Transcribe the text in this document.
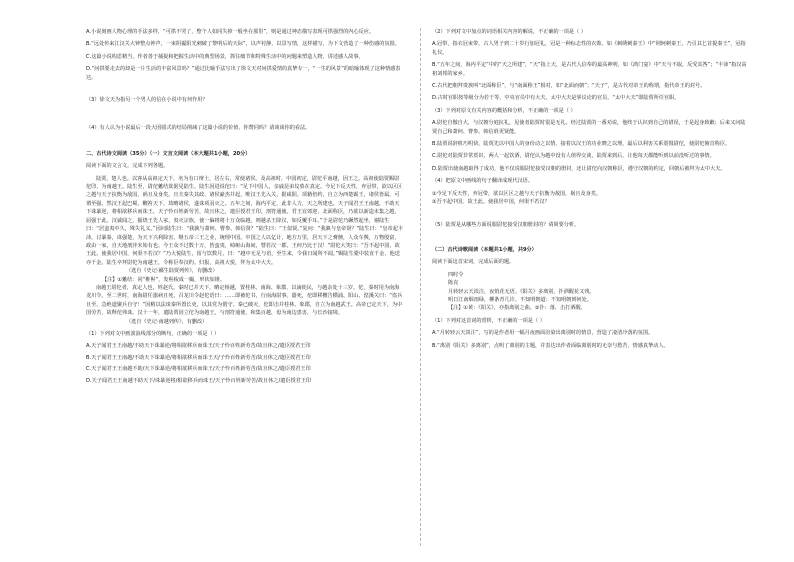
A.小说刻画人物心理的手法多样，“可拱不哭了，整个人如同失掉一般坐在那里”，则是通过神态描写表现可拱强烈的内心反应。

B.“远处传来江汉关大钟整点钟声，一束阴霾阳光刺破了黎明后的天际”，以声衬静，以景写情，这样描写，为下文营造了一种伤感的氛围。

C.这篇小说构思精当，作者善于捕捉和把握生活中的典型场景，抓住细节和特殊生活中的问题来塑造人物，讲述感人故事。

D.“问拱要走去的却是一片生活的丰富风景吗？”通过比喻手法写出了徐文天对问拱爱情的真挚专一，“一生的风景”的暗喻体现了这种情感表达。

（3）徐文天为指另一个男人的信在小说中有何作用？

（4）有人认为小说最后一段大团圆式的结局削减了这篇小说的价值，你赞同吗？请谈谈你的看法。

二、古代诗文阅读（35分）（一）文言文阅读（本大题共1小题，20分）

阅读下面的文言文，完成下列各题。

陆贾，楚人也。以客从高祖定天下，名为有口辩士，居左右，常使诸侯。及高祖时，中国初定，尉佗平南越，因王之。高祖使陆贾赐尉佗印，为南越王。陆生至，尉佗魋结箕倨见陆生。陆生因进说佗曰：“足下中国人，亲戚昆弟坟墓在真定。今足下反天性，弃冠带，欲以区区之越与天子抗衡为敌国，祸且及身矣。且夫秦失其政，诸侯豪杰并起，唯汉王先入关，据咸阳。项籍倍约，自立为西楚霸王，诸侯皆属，可谓至强。然汉王起巴蜀，鞭笞天下，劫略诸侯，遂诛项羽灭之。五年之间，海内平定，此非人力，天之所建也。天子闻君王王南越，不助天下诛暴逆，将相欲移兵而诛王，天子怜百姓新劳苦，故且休之，遣臣授君王印，剖符通使。君王宜郊迎，北面称臣，乃欲以新造未集之越，屈强于此。汉诚闻之，掘烧王先人冢，夷灭宗族，使一偏将将十万众临越，则越杀王降汉，如反覆手耳。”于是尉佗乃蹶然起坐，谢陆生曰：“居蛮夷中久，殊失礼义。”因问陆生曰：“我孰与萧何、曹参、韩信贤？”陆生曰：“王似贤。”复问：“我孰与皇帝贤？”陆生曰：“皇帝起丰沛，讨暴秦，诛强楚，为天下兴利除害，继五帝三王之业，统理中国。中国之人以亿计，地方万里，居天下之膏腴，人众车舆，万物殷富，政由一家，自天地剖泮未始有也。今王众不过数十万，皆蛮夷，崎岖山海间，譬若汉一郡，王何乃比于汉！”尉佗大笑曰：“吾不起中国，故王此。使我居中国，何渠不若汉？”乃大悦陆生，留与饮数月。曰：“越中无足与语，至生来，令我日闻所不闻。”赐陆生橐中装直千金，他送亦千金。陆生卒拜尉佗为南越王，令称臣奉汉约。归报，高祖大悦，拜为太中大夫。

（选自《史记·郦生陆贾列传》，有删改）

【注】①魋结：同“椎髻”，发髻梳成一撮，形状如锥。

南越王尉佗者，真定人也，姓赵氏。秦时已并天下，略定杨越，置桂林、南海、象郡，以谪徙民，与越杂处十三岁。佗，秦时用为南海龙川令。至二世时，南海尉任嚣病且死，召龙川令赵佗语曰：……即被佗书，行南海尉事。嚣死，佗即移檄告横浦、阳山、湟溪关曰：“盗兵且至，急绝道聚兵自守！”因稍以法诛秦所置长吏，以其党为假守。秦已破灭，佗即击并桂林、象郡，自立为南越武王。高帝已定天下，为中国劳苦，故释佗弗诛。汉十一年，遣陆贾因立佗为南越王，与剖符通使，和集百越，毋为南边患害，与长沙接境。

（选自《史记·南越列传》，有删改）

（1）下列对文中画波浪线部分的断句，正确的一项是（ ）

A.天子闻君王王南越/不助天下诛暴逆/将相欲移兵而诛王/天子怜百姓新劳苦/故且休之/遣臣授君王印

B.天子闻君王王南越/不助天下诛暴逆/将相欲移兵而诛王天/子怜百姓新劳苦/故且休之/遣臣授君王印

C.天子闻君王王南越不助/天下诛暴逆/将相欲移兵而诛王/天子怜百姓新劳苦/故且休之/遣臣授君王印

D.天子闻君王王南越不助天下/诛暴逆将/相欲移兵而诛王/天子怜百姓新劳苦/故且休之/遣臣授君王印

（2）下列对文中加点的词语相关内容的解说，不正确的一项是（ ）

A.冠带，指衣冠束带，古人男子到二十岁行加冠礼，冠是一种标志性的衣饰。如《刺绣刺秦王》中“荆轲刺秦王，乃引其匕首提秦王”，冠指礼仪。

B.“五年之间，海内平定”中的“天之所建”，“天”指上天，是古代人信奉的最高神明，如《鸿门宴》中“天与不取，反受其咎”；“丰沛”指汉高祖刘邦的家乡。

C.古代把朝拜贵族叫“北面称臣”，与“南面称王”相对，如“北面而朝”；“天子”，是古代对帝王的称谓，指代帝王的封号。

D.古时官职按等级分为若干等，中央官员中有大夫，太中大夫是掌议论的官员，“太中大夫”即陆贾所任官职。

（3）下列对原文有关内容的概括和分析，不正确的一项是（ ）

A.尉佗自傲自大，与汉朝分庭抗礼，见使者陆贾时很是无礼。经过陆贾的一番劝说，他终于认识到自己的错误，于是起身致歉；后来又问陆贾自己和萧何、曹参、韩信谁更贤能。

B.陆贾说辞机巧明快，陆贾先以中国人的身份动之以情，接着以汉王的功业晓之以理，最后以利害关系震慑尉佗，使尉佗俯首称臣。

C.尉佗对陆贾非常赏识，两人一起饮酒，尉佗认为越中没有人值得交谈，陆贾来到后，让他每天都能听到以前没听过的事情。

D.陆贾出使南越取得了成功，他不仅说服尉佗接受汉朝的册封，还让尉佗向汉朝称臣，遵守汉朝的约定，回朝后被拜为太中大夫。

（4）把原文中画线的句子翻译成现代汉语。

①今足下反天性，弃冠带，欲以区区之越与天子抗衡为敌国，祸且及身矣。

②吾不起中国，故王此。使我居中国，何渠不若汉？

（5）陆贾是从哪些方面说服尉佗接受汉朝册封的？请简要分析。

（二）古代诗歌阅读（本题共1小题，共9分）

阅读下面这首宋词，完成后面的题。

四时令

陈克

月转轻云天淡注，夜悄花无语。《阳关》多离别，扑酒醒花又残。

明日江南烟雨绿，柳条青几许。不知明朝道：不知明朝到何处。

【注】①黄：《阳关》，亦指离别之曲。②扑：落，击打酒醒。

（1）下列对这首词的赏析，不正确的一项是（ ）

A.“月转轻云天淡注”，写的是作者用一幅月夜画面渲染出离别时的情景，营造了凄清冷落的氛围。

B.“离别《阳关》多离别”，点明了离别的主题，并表达出作者面临离别时的无奈与愁苦，情感真挚动人。
